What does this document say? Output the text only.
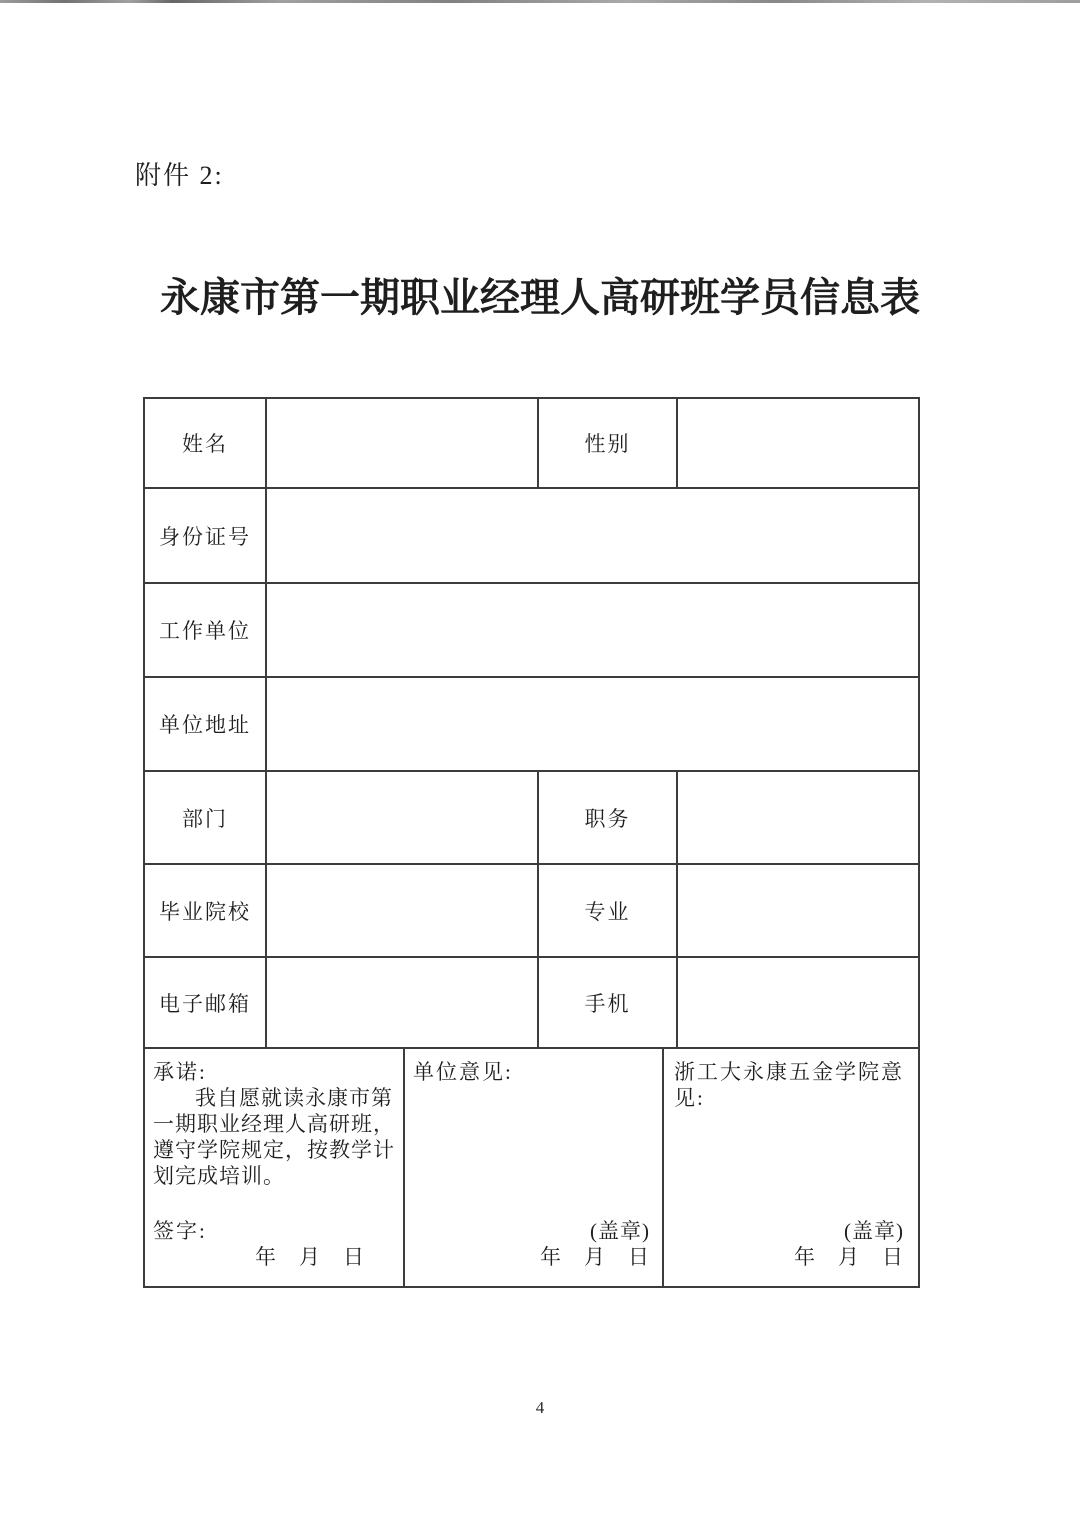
附件 2:
永康市第一期职业经理人高研班学员信息表
姓名		性别	
身份证号			
工作单位			
单位地址			
部门		职务	
毕业院校		专业	
电子邮箱		手机	
承诺:
我自愿就读永康市第一期职业经理人高研班，遵守学院规定，按教学计划完成培训。
签字:
年　月　日

单位意见:
(盖章)
年　月　日

浙工大永康五金学院意见:
(盖章)
年　月　日
4
